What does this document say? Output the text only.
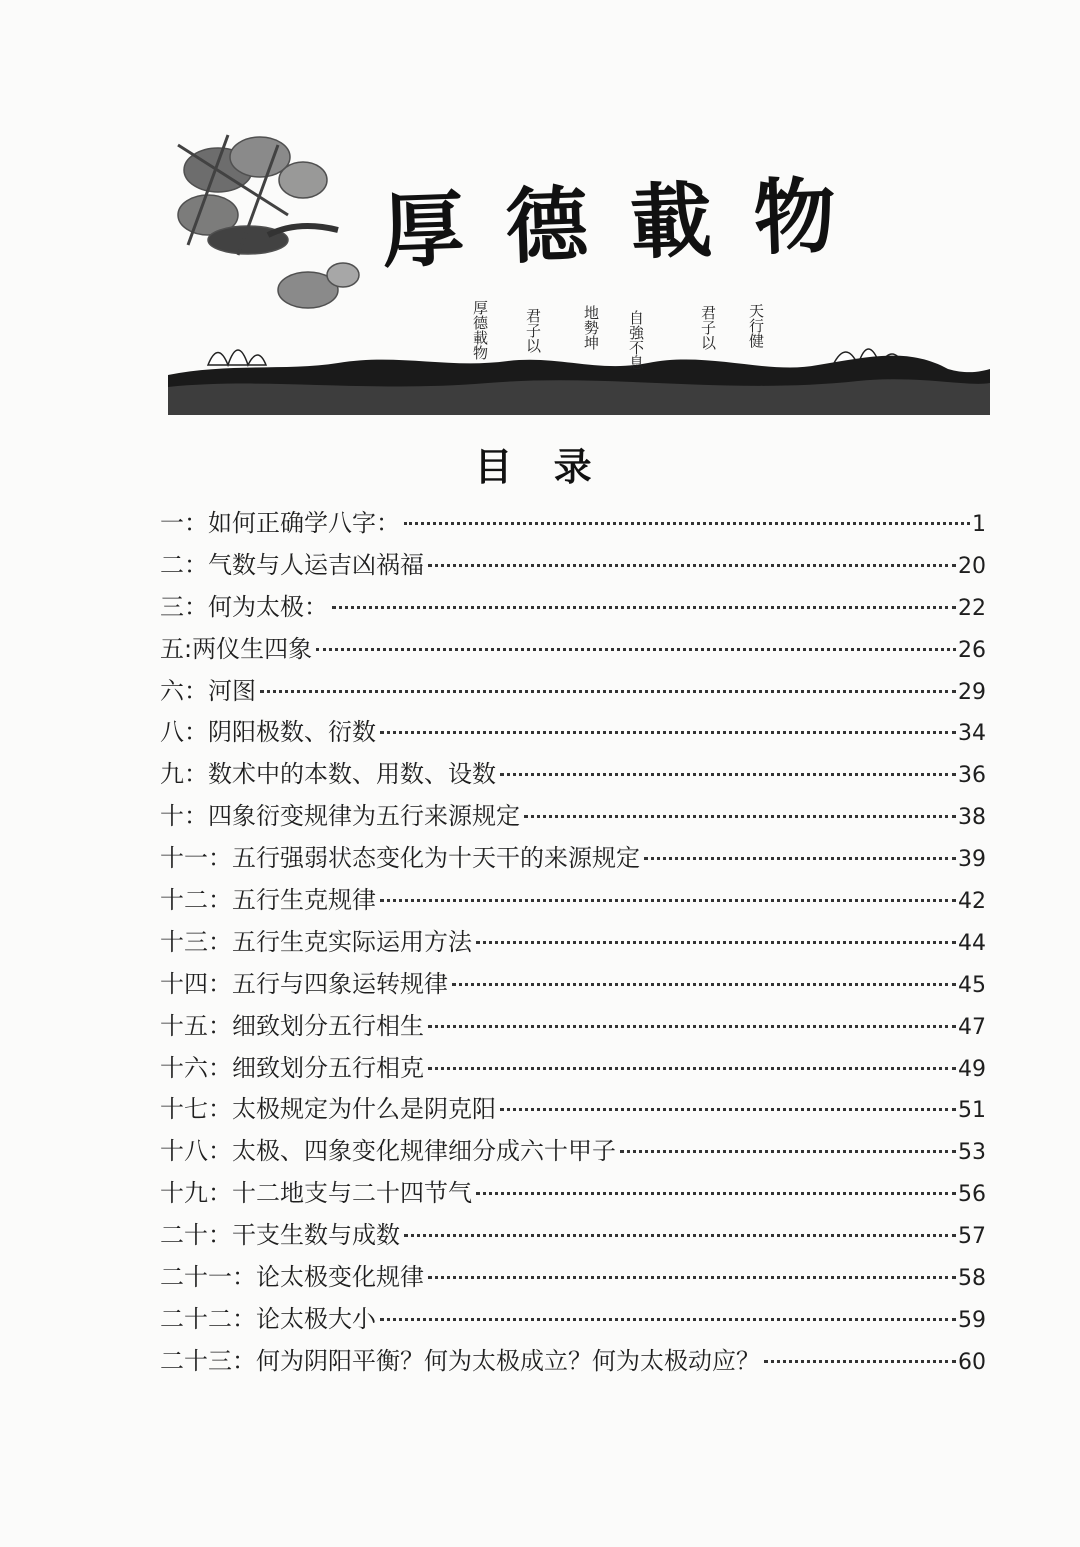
厚德載物
天行健
君子以
自強不息
地勢坤
君子以
厚德載物
目 录
一：如何正确学八字：	1
二：气数与人运吉凶祸福	20
三：何为太极：	22
五:两仪生四象	26
六：河图	29
八：阴阳极数、衍数	34
九：数术中的本数、用数、设数	36
十：四象衍变规律为五行来源规定	38
十一：五行强弱状态变化为十天干的来源规定	39
十二：五行生克规律	42
十三：五行生克实际运用方法	44
十四：五行与四象运转规律	45
十五：细致划分五行相生	47
十六：细致划分五行相克	49
十七：太极规定为什么是阴克阳	51
十八：太极、四象变化规律细分成六十甲子	53
十九：十二地支与二十四节气	56
二十：干支生数与成数	57
二十一：论太极变化规律	58
二十二：论太极大小	59
二十三：何为阴阳平衡？何为太极成立？何为太极动应？	60
